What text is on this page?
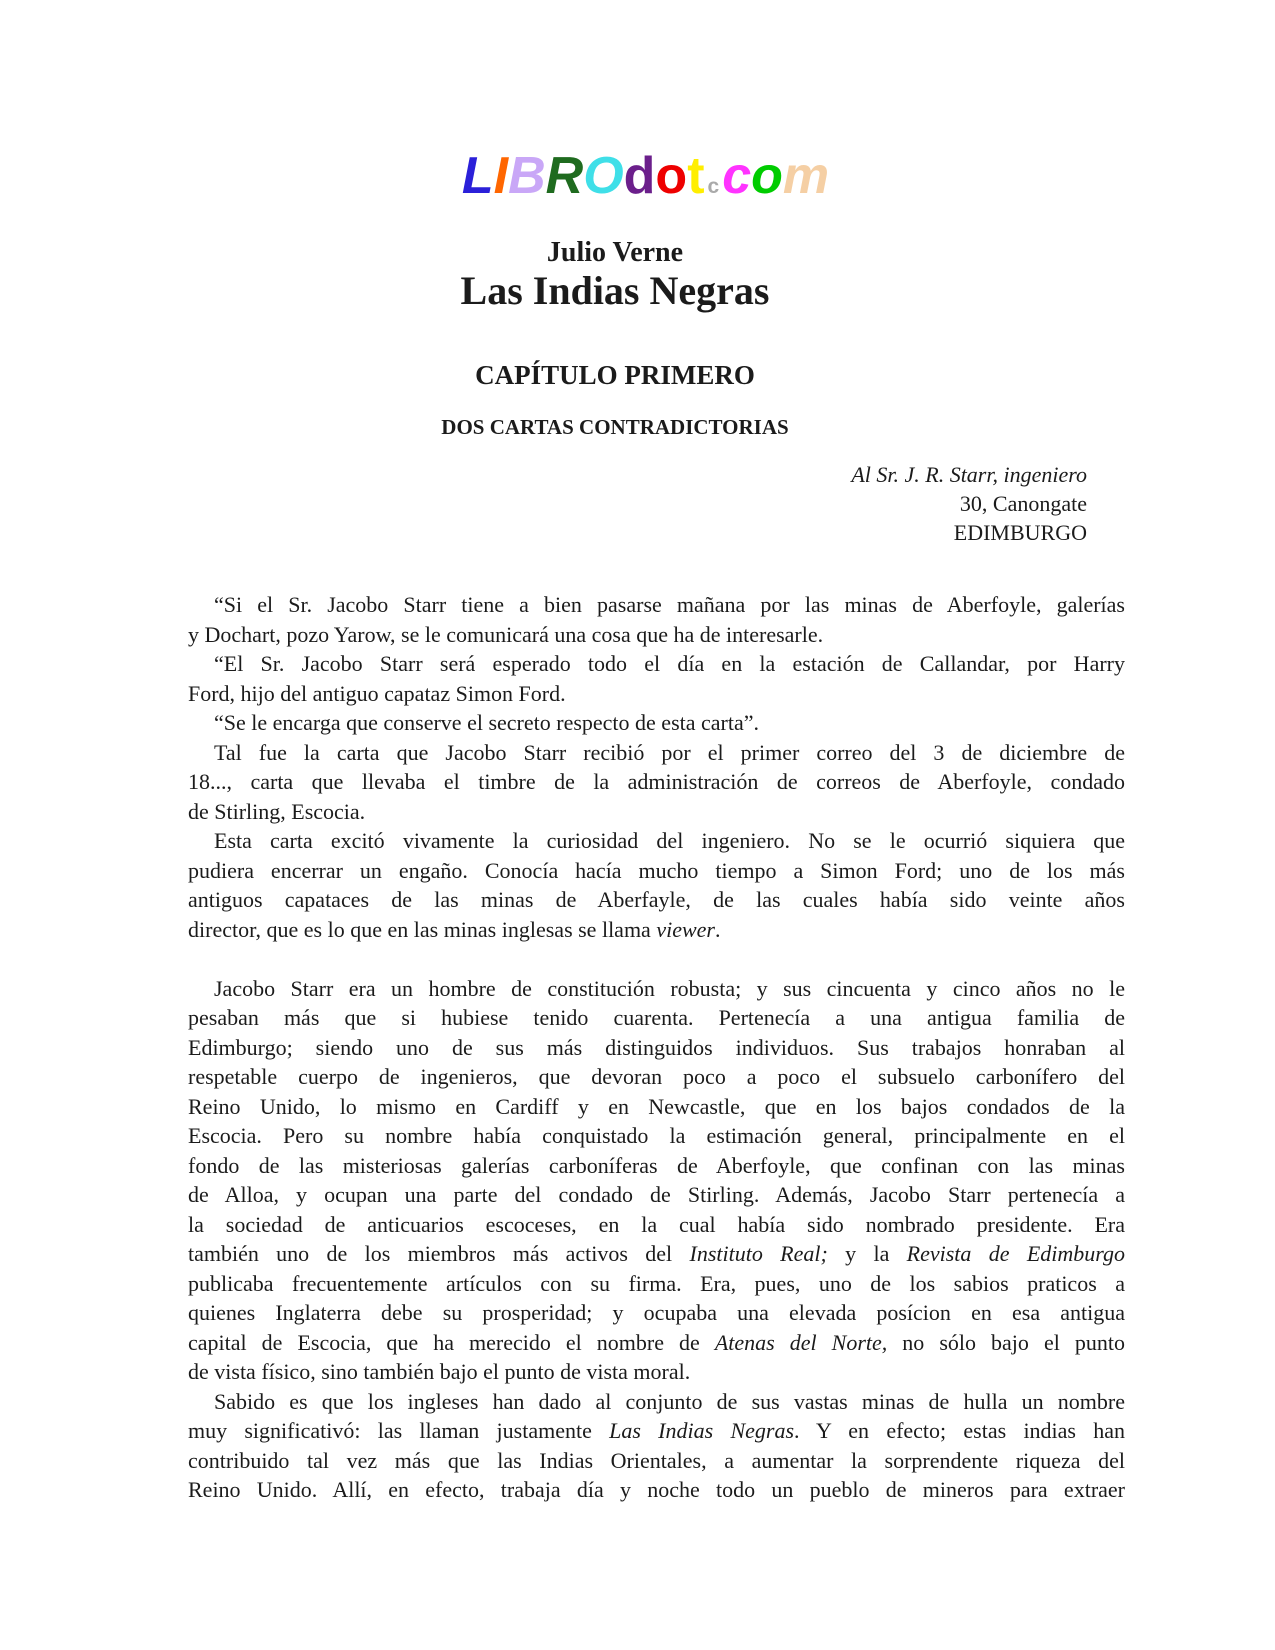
LIBROdot ccom
Julio Verne
Las Indias Negras
CAPÍTULO PRIMERO
DOS CARTAS CONTRADICTORIAS
Al Sr. J. R. Starr, ingeniero
30, Canongate
EDIMBURGO
“Si el Sr. Jacobo Starr tiene a bien pasarse mañana por las minas de Aberfoyle, galerías
y Dochart, pozo Yarow, se le comunicará una cosa que ha de interesarle.
“El Sr. Jacobo Starr será esperado todo el día en la estación de Callandar, por Harry
Ford, hijo del antiguo capataz Simon Ford.
“Se le encarga que conserve el secreto respecto de esta carta”.
Tal fue la carta que Jacobo Starr recibió por el primer correo del 3 de diciembre de
18..., carta que llevaba el timbre de la administración de correos de Aberfoyle, condado
de Stirling, Escocia.
Esta carta excitó vivamente la curiosidad del ingeniero. No se le ocurrió siquiera que
pudiera encerrar un engaño. Conocía hacía mucho tiempo a Simon Ford; uno de los más
antiguos capataces de las minas de Aberfayle, de las cuales había sido veinte años
director, que es lo que en las minas inglesas se llama viewer.
Jacobo Starr era un hombre de constitución robusta; y sus cincuenta y cinco años no le
pesaban más que si hubiese tenido cuarenta. Pertenecía a una antigua familia de
Edimburgo; siendo uno de sus más distinguidos individuos. Sus trabajos honraban al
respetable cuerpo de ingenieros, que devoran poco a poco el subsuelo carbonífero del
Reino Unido, lo mismo en Cardiff y en Newcastle, que en los bajos condados de la
Escocia. Pero su nombre había conquistado la estimación general, principalmente en el
fondo de las misteriosas galerías carboníferas de Aberfoyle, que confinan con las minas
de Alloa, y ocupan una parte del condado de Stirling. Además, Jacobo Starr pertenecía a
la sociedad de anticuarios escoceses, en la cual había sido nombrado presidente. Era
también uno de los miembros más activos del Instituto Real; y la Revista de Edimburgo
publicaba frecuentemente artículos con su firma. Era, pues, uno de los sabios praticos a
quienes Inglaterra debe su prosperidad; y ocupaba una elevada posícion en esa antigua
capital de Escocia, que ha merecido el nombre de Atenas del Norte, no sólo bajo el punto
de vista físico, sino también bajo el punto de vista moral.
Sabido es que los ingleses han dado al conjunto de sus vastas minas de hulla un nombre
muy significativó: las llaman justamente Las Indias Negras. Y en efecto; estas indias han
contribuido tal vez más que las Indias Orientales, a aumentar la sorprendente riqueza del
Reino Unido. Allí, en efecto, trabaja día y noche todo un pueblo de mineros para extraer
